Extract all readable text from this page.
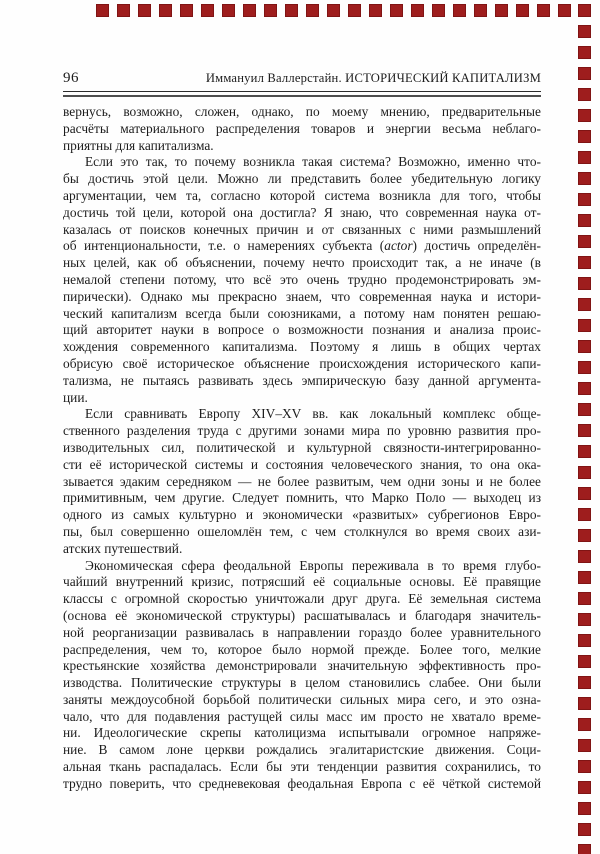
96	Иммануил Валлерстайн. ИСТОРИЧЕСКИЙ КАПИТАЛИЗМ
вернусь, возможно, сложен, однако, по моему мнению, предварительные
расчёты материального распределения товаров и энергии весьма неблаго-
приятны для капитализма.
Если это так, то почему возникла такая система? Возможно, именно что-
бы достичь этой цели. Можно ли представить более убедительную логику
аргументации, чем та, согласно которой система возникла для того, чтобы
достичь той цели, которой она достигла? Я знаю, что современная наука от-
казалась от поисков конечных причин и от связанных с ними размышлений
об интенциональности, т.е. о намерениях субъекта (actor) достичь определён-
ных целей, как об объяснении, почему нечто происходит так, а не иначе (в
немалой степени потому, что всё это очень трудно продемонстрировать эм-
пирически). Однако мы прекрасно знаем, что современная наука и истори-
ческий капитализм всегда были союзниками, а потому нам понятен решаю-
щий авторитет науки в вопросе о возможности познания и анализа проис-
хождения современного капитализма. Поэтому я лишь в общих чертах
обрисую своё историческое объяснение происхождения исторического капи-
тализма, не пытаясь развивать здесь эмпирическую базу данной аргумента-
ции.
Если сравнивать Европу XIV–XV вв. как локальный комплекс обще-
ственного разделения труда с другими зонами мира по уровню развития про-
изводительных сил, политической и культурной связности-интегрированно-
сти её исторической системы и состояния человеческого знания, то она ока-
зывается эдаким середняком — не более развитым, чем одни зоны и не более
примитивным, чем другие. Следует помнить, что Марко Поло — выходец из
одного из самых культурно и экономически «развитых» субрегионов Евро-
пы, был совершенно ошеломлён тем, с чем столкнулся во время своих ази-
атских путешествий.
Экономическая сфера феодальной Европы переживала в то время глубо-
чайший внутренний кризис, потрясший её социальные основы. Её правящие
классы с огромной скоростью уничтожали друг друга. Её земельная система
(основа её экономической структуры) расшатывалась и благодаря значитель-
ной реорганизации развивалась в направлении гораздо более уравнительного
распределения, чем то, которое было нормой прежде. Более того, мелкие
крестьянские хозяйства демонстрировали значительную эффективность про-
изводства. Политические структуры в целом становились слабее. Они были
заняты междоусобной борьбой политически сильных мира сего, и это озна-
чало, что для подавления растущей силы масс им просто не хватало време-
ни. Идеологические скрепы католицизма испытывали огромное напряже-
ние. В самом лоне церкви рождались эгалитаристские движения. Соци-
альная ткань распадалась. Если бы эти тенденции развития сохранились, то
трудно поверить, что средневековая феодальная Европа с её чёткой системой
